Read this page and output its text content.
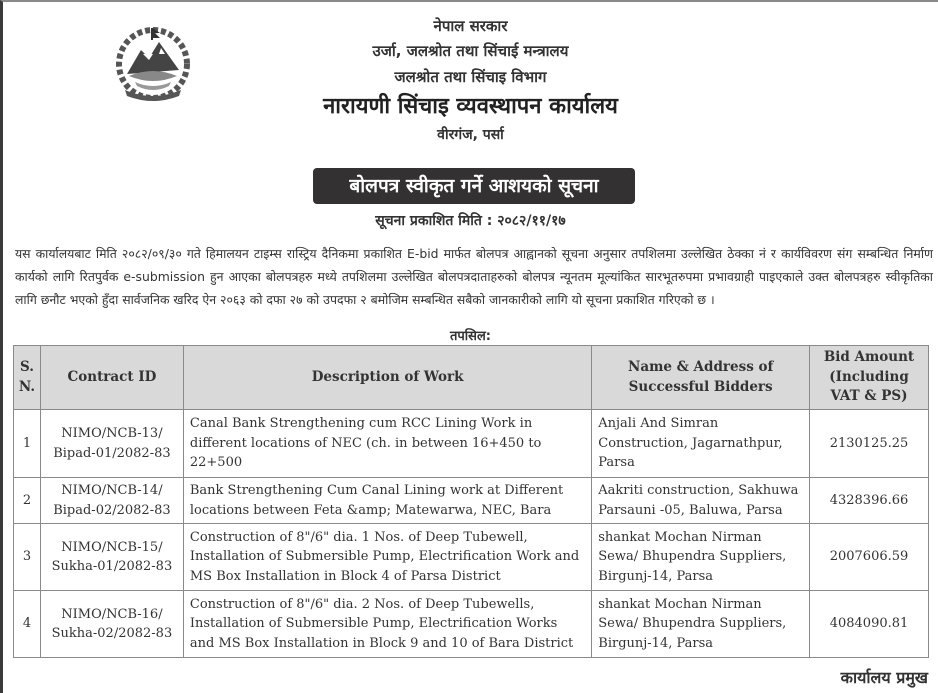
नेपाल सरकार
उर्जा, जलश्रोत तथा सिंचाई मन्त्रालय
जलश्रोत तथा सिंचाइ विभाग
नारायणी सिंचाइ व्यवस्थापन कार्यालय
वीरगंज, पर्सा
बोलपत्र स्वीकृत गर्ने आशयको सूचना
सूचना प्रकाशित मिति : २०८२/११/१७
यस कार्यालयबाट मिति २०८२/०९/३० गते हिमालयन टाइम्स रास्ट्रिय दैनिकमा प्रकाशित E-bid मार्फत बोलपत्र आह्वानको सूचना अनुसार तपशिलमा उल्लेखित ठेक्का नं र कार्यविवरण संग सम्बन्धित निर्माण कार्यको लागि रितपुर्वक e-submission हुन आएका बोलपत्रहरु मध्ये तपशिलमा उल्लेखित बोलपत्रदाताहरुको बोलपत्र न्यूनतम मूल्यांकित सारभूतरुपमा प्रभावग्राही पाइएकाले उक्त बोलपत्रहरु स्वीकृतिका लागि छनौट भएको हुँदा सार्वजनिक खरिद ऐन २०६३ को दफा २७ को उपदफा २ बमोजिम सम्बन्धित सबैको जानकारीको लागि यो सूचना प्रकाशित गरिएको छ ।
तपसिल:
S. N.	Contract ID	Description of Work	Name & Address of Successful Bidders	Bid Amount (Including VAT & PS)
1	NIMO/NCB-13/ Bipad-01/2082-83	Canal Bank Strengthening cum RCC Lining Work in different locations of NEC (ch. in between 16+450 to 22+500	Anjali And Simran Construction, Jagarnathpur, Parsa	2130125.25
2	NIMO/NCB-14/ Bipad-02/2082-83	Bank Strengthening Cum Canal Lining work at Different locations between Feta &amp; Matewarwa, NEC, Bara	Aakriti construction, Sakhuwa Parsauni -05, Baluwa, Parsa	4328396.66
3	NIMO/NCB-15/ Sukha-01/2082-83	Construction of 8"/6" dia. 1 Nos. of Deep Tubewell, Installation of Submersible Pump, Electrification Work and MS Box Installation in Block 4 of Parsa District	shankat Mochan Nirman Sewa/ Bhupendra Suppliers, Birgunj-14, Parsa	2007606.59
4	NIMO/NCB-16/ Sukha-02/2082-83	Construction of 8"/6" dia. 2 Nos. of Deep Tubewells, Installation of Submersible Pump, Electrification Works and MS Box Installation in Block 9 and 10 of Bara District	shankat Mochan Nirman Sewa/ Bhupendra Suppliers, Birgunj-14, Parsa	4084090.81
कार्यालय प्रमुख
